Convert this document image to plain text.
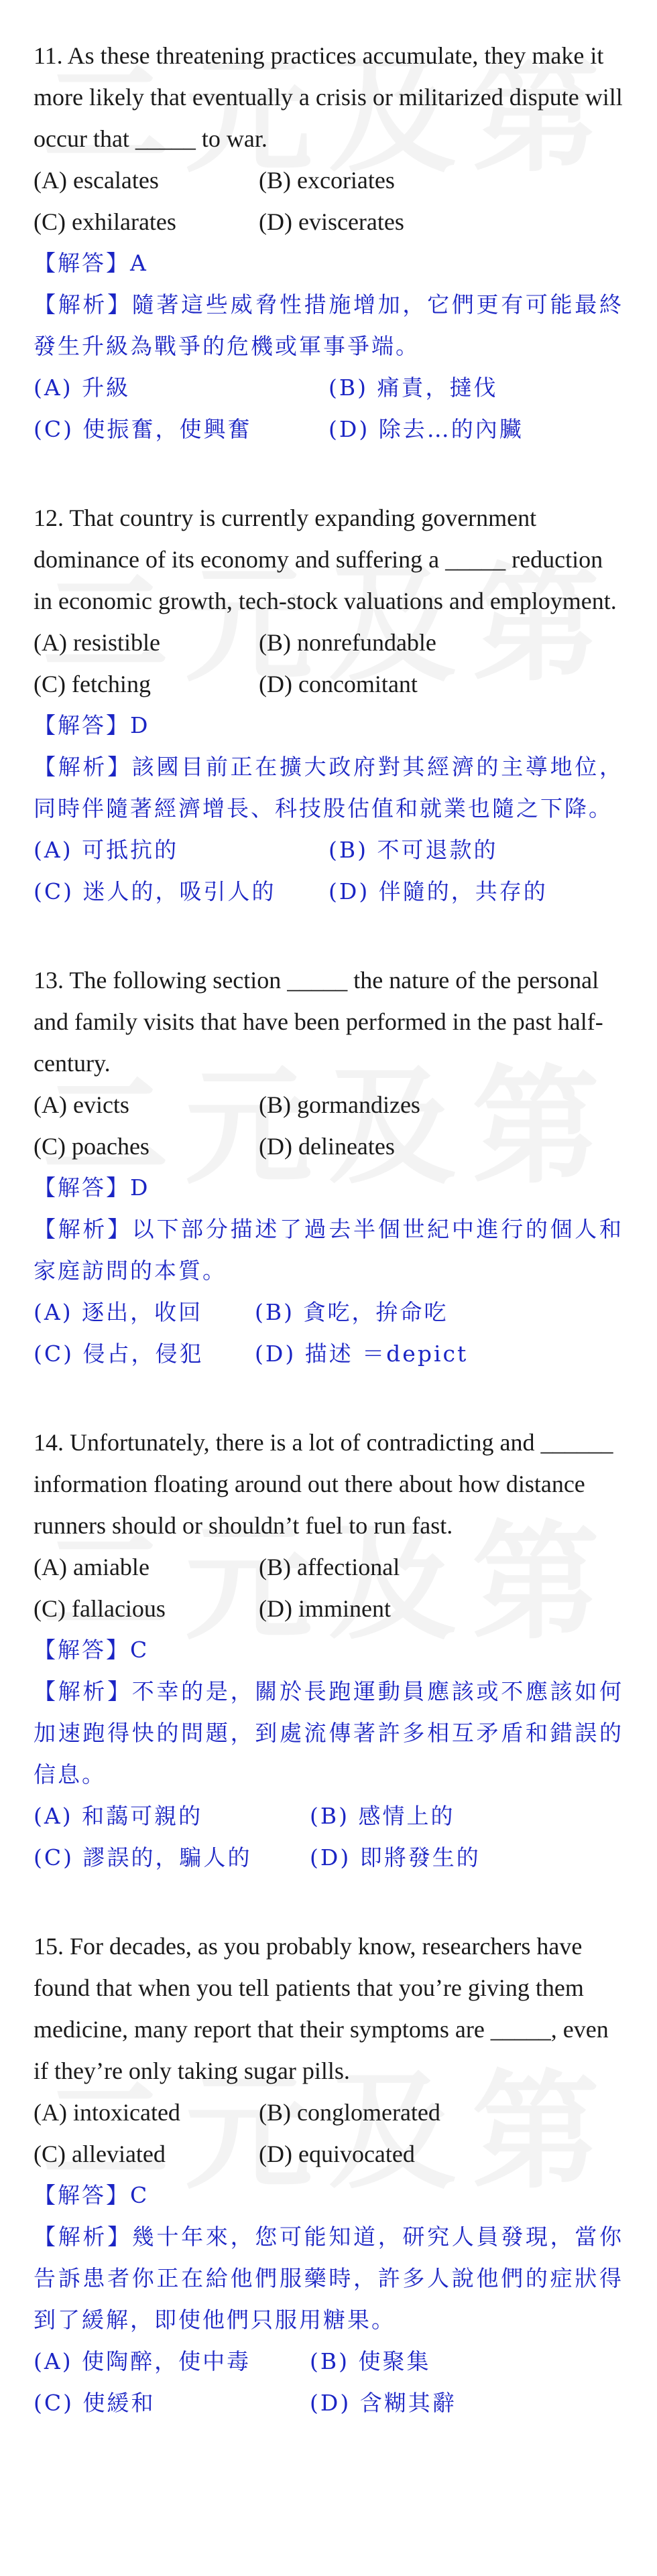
11. As these threatening practices accumulate, they make it more likely that eventually a crisis or militarized dispute will occur that _____ to war.

(A) escalates	(B) excoriates
(C) exhilarates	(D) eviscerates
【解答】A
【解析】隨著這些威脅性措施增加，它們更有可能最終發生升級為戰爭的危機或軍事爭端。
(A) 升級	(B) 痛責，撻伐
(C) 使振奮，使興奮	(D) 除去…的內臟

12. That country is currently expanding government dominance of its economy and suffering a _____ reduction in economic growth, tech-stock valuations and employment.

(A) resistible	(B) nonrefundable
(C) fetching	(D) concomitant
【解答】D
【解析】該國目前正在擴大政府對其經濟的主導地位，同時伴隨著經濟增長、科技股估值和就業也隨之下降。
(A) 可抵抗的	(B) 不可退款的
(C) 迷人的，吸引人的	(D) 伴隨的，共存的

13. The following section _____ the nature of the personal and family visits that have been performed in the past half-century.

(A) evicts	(B) gormandizes
(C) poaches	(D) delineates
【解答】D
【解析】以下部分描述了過去半個世紀中進行的個人和家庭訪問的本質。
(A) 逐出，收回	(B) 貪吃，拚命吃
(C) 侵占，侵犯	(D) 描述 ＝depict

14. Unfortunately, there is a lot of contradicting and ______ information floating around out there about how distance runners should or shouldn’t fuel to run fast.

(A) amiable	(B) affectional
(C) fallacious	(D) imminent
【解答】C
【解析】不幸的是，關於長跑運動員應該或不應該如何加速跑得快的問題，到處流傳著許多相互矛盾和錯誤的信息。
(A) 和藹可親的	(B) 感情上的
(C) 謬誤的，騙人的	(D) 即將發生的

15. For decades, as you probably know, researchers have found that when you tell patients that you’re giving them medicine, many report that their symptoms are _____, even if they’re only taking sugar pills.

(A) intoxicated	(B) conglomerated
(C) alleviated	(D) equivocated
【解答】C
【解析】幾十年來，您可能知道，研究人員發現，當你告訴患者你正在給他們服藥時，許多人說他們的症狀得到了緩解，即使他們只服用糖果。
(A) 使陶醉，使中毒	(B) 使聚集
(C) 使緩和	(D) 含糊其辭
